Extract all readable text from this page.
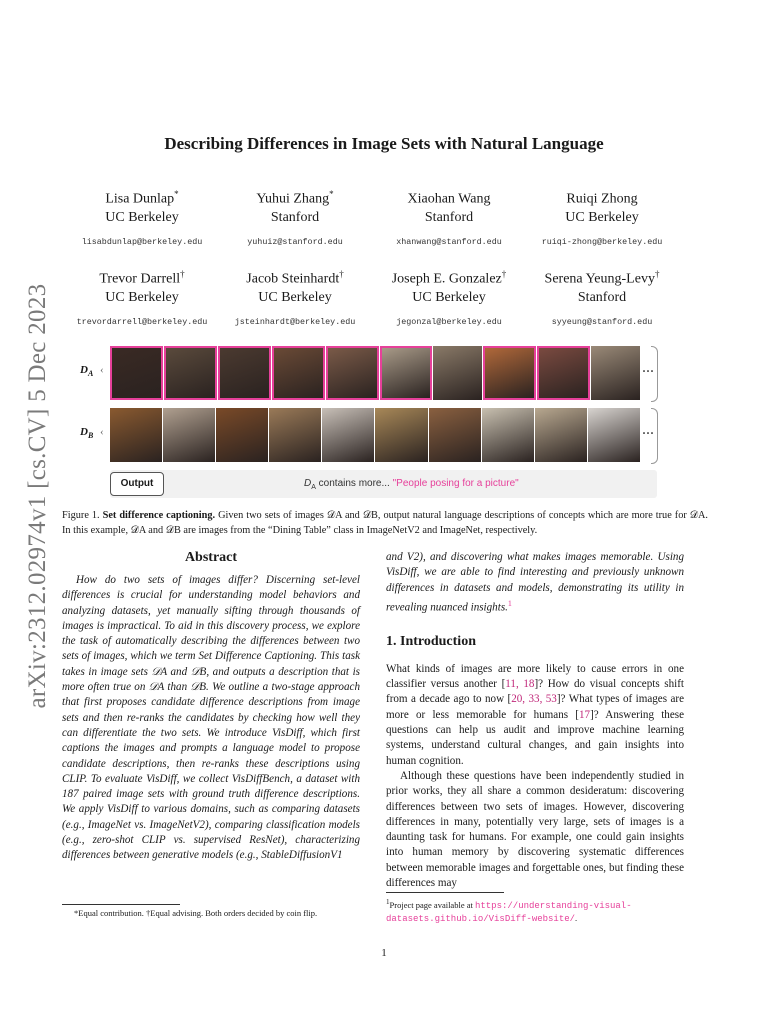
arXiv:2312.02974v1 [cs.CV] 5 Dec 2023
Describing Differences in Image Sets with Natural Language
Lisa Dunlap*
UC Berkeley
lisabdunlap@berkeley.edu
Yuhui Zhang*
Stanford
yuhuiz@stanford.edu
Xiaohan Wang
Stanford
xhanwang@stanford.edu
Ruiqi Zhong
UC Berkeley
ruiqi-zhong@berkeley.edu
Trevor Darrell†
UC Berkeley
trevordarrell@berkeley.edu
Jacob Steinhardt†
UC Berkeley
jsteinhardt@berkeley.edu
Joseph E. Gonzalez†
UC Berkeley
jegonzal@berkeley.edu
Serena Yeung-Levy†
Stanford
syyeung@stanford.edu
$D_A$ ‹	···
$D_B$ ‹	···
Output	$D_A$ contains more... "People posing for a picture"
Figure 1. Set difference captioning. Given two sets of images 𝒟A and 𝒟B, output natural language descriptions of concepts which are more true for 𝒟A. In this example, 𝒟A and 𝒟B are images from the “Dining Table” class in ImageNetV2 and ImageNet, respectively.
Abstract

How do two sets of images differ? Discerning set-level differences is crucial for understanding model behaviors and analyzing datasets, yet manually sifting through thousands of images is impractical. To aid in this discovery process, we explore the task of automatically describing the differences between two sets of images, which we term Set Difference Captioning. This task takes in image sets 𝒟A and 𝒟B, and outputs a description that is more often true on 𝒟A than 𝒟B. We outline a two-stage approach that first proposes candidate difference descriptions from image sets and then re-ranks the candidates by checking how well they can differentiate the two sets. We introduce VisDiff, which first captions the images and prompts a language model to propose candidate descriptions, then re-ranks these descriptions using CLIP. To evaluate VisDiff, we collect VisDiffBench, a dataset with 187 paired image sets with ground truth difference descriptions. We apply VisDiff to various domains, such as comparing datasets (e.g., ImageNet vs. ImageNetV2), comparing classification models (e.g., zero-shot CLIP vs. supervised ResNet), characterizing differences between generative models (e.g., StableDiffusionV1

and V2), and discovering what makes images memorable. Using VisDiff, we are able to find interesting and previously unknown differences in datasets and models, demonstrating its utility in revealing nuanced insights.$^1$

1. Introduction

What kinds of images are more likely to cause errors in one classifier versus another [11, 18]? How do visual concepts shift from a decade ago to now [20, 33, 53]? What types of images are more or less memorable for humans [17]? Answering these questions can help us audit and improve machine learning systems, understand cultural changes, and gain insights into human cognition.

Although these questions have been independently studied in prior works, they all share a common desideratum: discovering differences between two sets of images. However, discovering differences in many, potentially very large, sets of images is a daunting task for humans. For example, one could gain insights into human memory by discovering systematic differences between memorable images and forgettable ones, but finding these differences may

*Equal contribution. †Equal advising. Both orders decided by coin flip.
$^1$Project page available at https://understanding-visual-datasets.github.io/VisDiff-website/.
1
